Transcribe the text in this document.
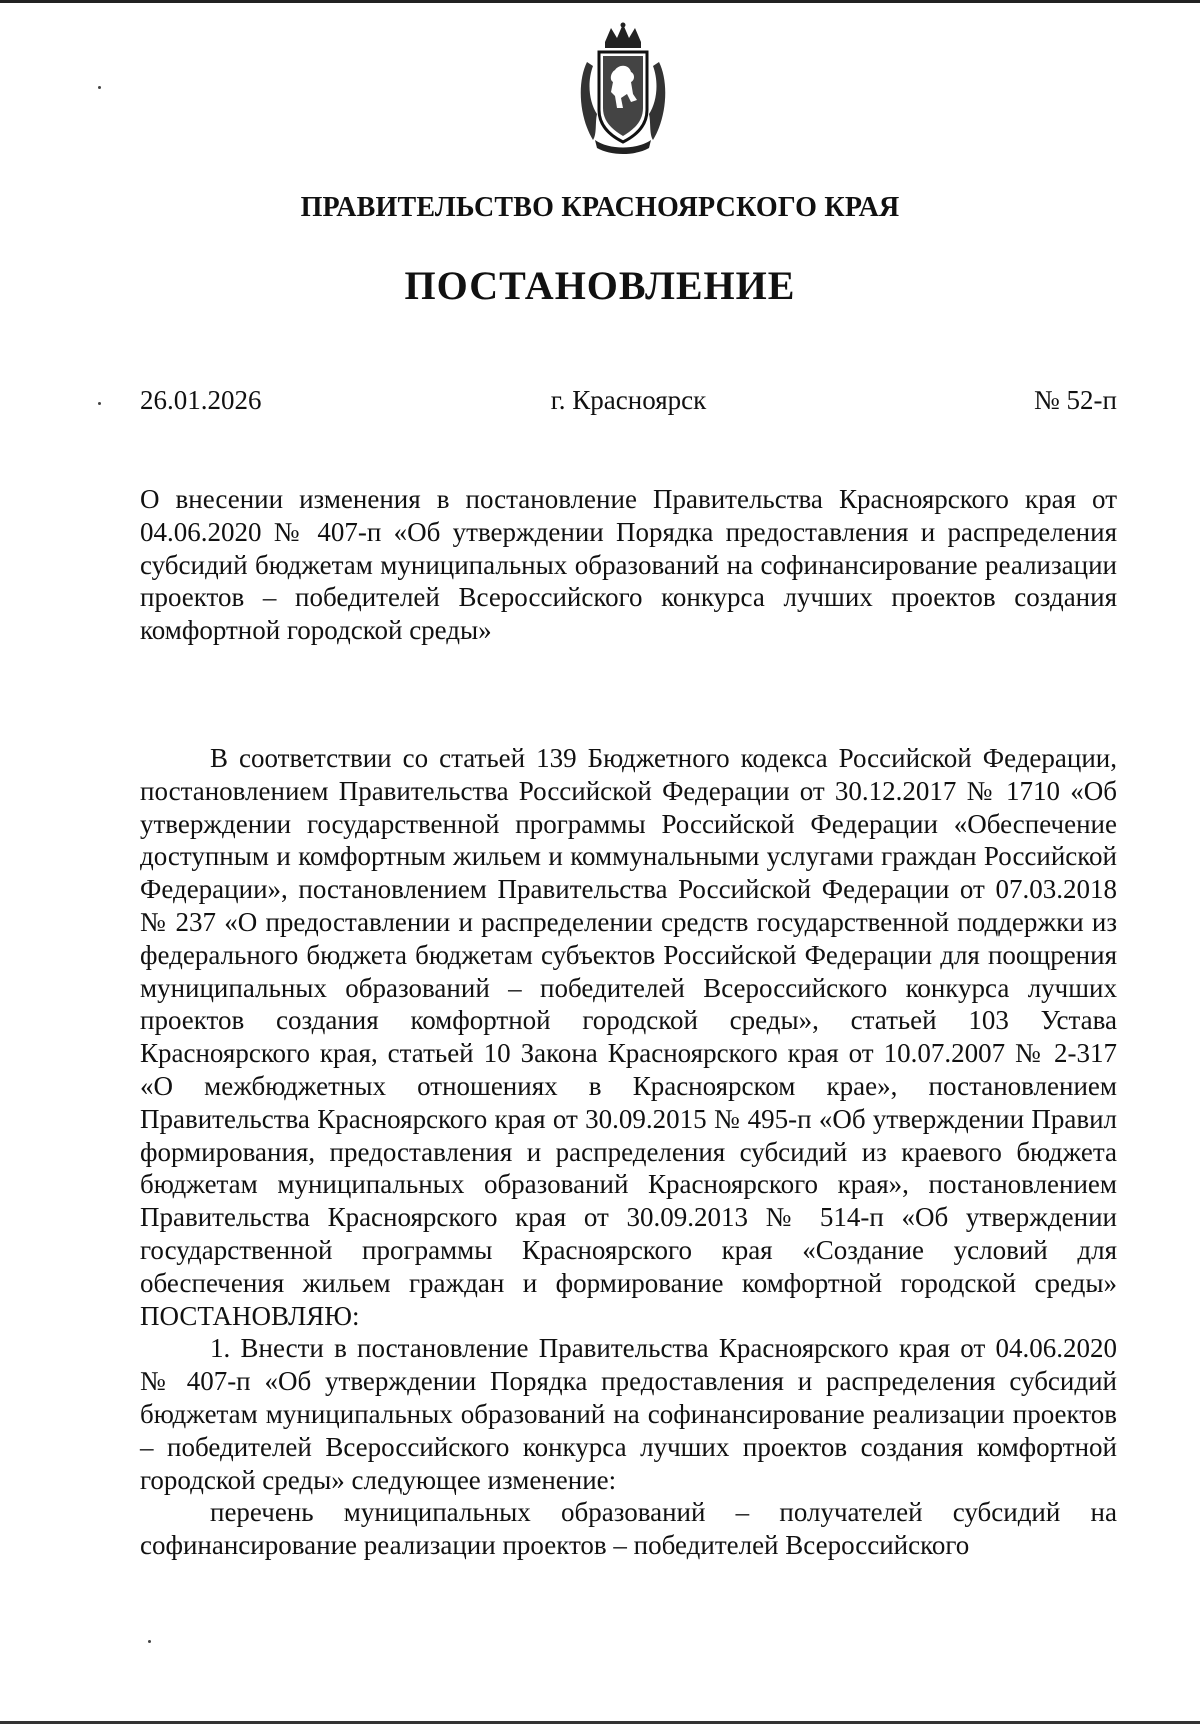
ПРАВИТЕЛЬСТВО КРАСНОЯРСКОГО КРАЯ
ПОСТАНОВЛЕНИЕ
26.01.2026	г. Красноярск	№ 52-п

О внесении изменения в постановление Правительства Красноярского края от 04.06.2020 № 407-п «Об утверждении Порядка предоставления и распределения субсидий бюджетам муниципальных образований на софинансирование реализации проектов – победителей Всероссийского конкурса лучших проектов создания комфортной городской среды»

В соответствии со статьей 139 Бюджетного кодекса Российской Федерации, постановлением Правительства Российской Федерации от 30.12.2017 № 1710 «Об утверждении государственной программы Российской Федерации «Обеспечение доступным и комфортным жильем и коммунальными услугами граждан Российской Федерации», постановлением Правительства Российской Федерации от 07.03.2018 № 237 «О предоставлении и распределении средств государственной поддержки из федерального бюджета бюджетам субъектов Российской Федерации для поощрения муниципальных образований – победителей Всероссийского конкурса лучших проектов создания комфортной городской среды», статьей 103 Устава Красноярского края, статьей 10 Закона Красноярского края от 10.07.2007 № 2-317 «О межбюджетных отношениях в Красноярском крае», постановлением Правительства Красноярского края от 30.09.2015 № 495-п «Об утверждении Правил формирования, предоставления и распределения субсидий из краевого бюджета бюджетам муниципальных образований Красноярского края», постановлением Правительства Красноярского края от 30.09.2013 № 514-п «Об утверждении государственной программы Красноярского края «Создание условий для обеспечения жильем граждан и формирование комфортной городской среды» ПОСТАНОВЛЯЮ:

1. Внести в постановление Правительства Красноярского края от 04.06.2020 № 407-п «Об утверждении Порядка предоставления и распределения субсидий бюджетам муниципальных образований на софинансирование реализации проектов – победителей Всероссийского конкурса лучших проектов создания комфортной городской среды» следующее изменение:

перечень муниципальных образований – получателей субсидий на софинансирование реализации проектов – победителей Всероссийского
